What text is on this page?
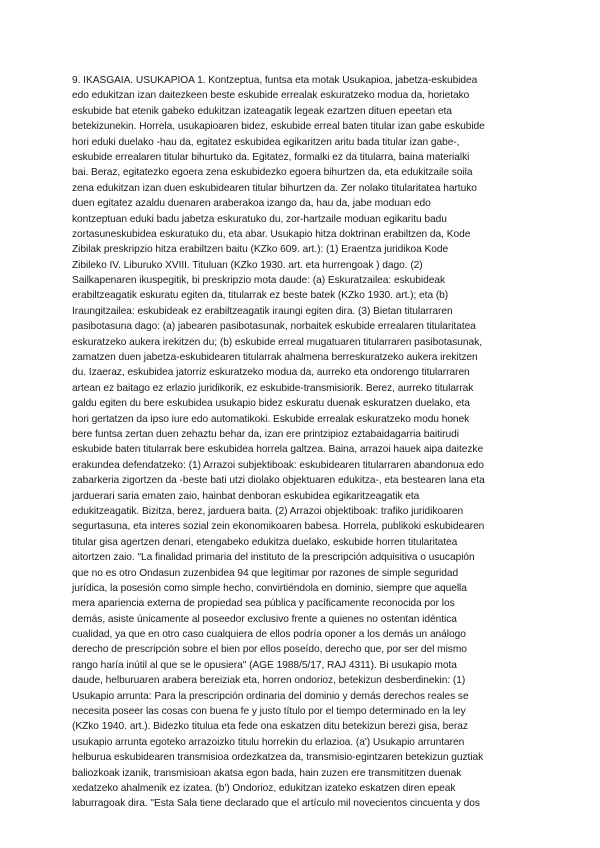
9. IKASGAIA. USUKAPIOA 1. Kontzeptua, funtsa eta motak Usukapioa, jabetza-eskubidea
edo edukitzan izan daitezkeen beste eskubide errealak eskuratzeko modua da, horietako
eskubide bat etenik gabeko edukitzan izateagatik legeak ezartzen dituen epeetan eta
betekizunekin. Horrela, usukapioaren bidez, eskubide erreal baten titular izan gabe eskubide
hori eduki duelako -hau da, egitatez eskubidea egikaritzen aritu bada titular izan gabe-,
eskubide errealaren titular bihurtuko da. Egitatez, formalki ez da titularra, baina materialki
bai. Beraz, egitatezko egoera zena eskubidezko egoera bihurtzen da, eta edukitzaile soila
zena edukitzan izan duen eskubidearen titular bihurtzen da. Zer nolako titularitatea hartuko
duen egitatez azaldu duenaren araberakoa izango da, hau da, jabe moduan edo
kontzeptuan eduki badu jabetza eskuratuko du, zor-hartzaile moduan egikaritu badu
zortasuneskubidea eskuratuko du, eta abar. Usukapio hitza doktrinan erabiltzen da, Kode
Zibilak preskripzio hitza erabiltzen baitu (KZko 609. art.): (1) Eraentza juridikoa Kode
Zibileko IV. Liburuko XVIII. Tituluan (KZko 1930. art. eta hurrengoak ) dago. (2)
Sailkapenaren ikuspegitik, bi preskripzio mota daude: (a) Eskuratzailea: eskubideak
erabiltzeagatik eskuratu egiten da, titularrak ez beste batek (KZko 1930. art.); eta (b)
Iraungitzailea: eskubideak ez erabiltzeagatik iraungi egiten dira. (3) Bietan titularraren
pasibotasuna dago: (a) jabearen pasibotasunak, norbaitek eskubide errealaren titularitatea
eskuratzeko aukera irekitzen du; (b) eskubide erreal mugatuaren titularraren pasibotasunak,
zamatzen duen jabetza-eskubidearen titularrak ahalmena berreskuratzeko aukera irekitzen
du. Izaeraz, eskubidea jatorriz eskuratzeko modua da, aurreko eta ondorengo titularraren
artean ez baitago ez erlazio juridikorik, ez eskubide-transmisiorik. Berez, aurreko titularrak
galdu egiten du bere eskubidea usukapio bidez eskuratu duenak eskuratzen duelako, eta
hori gertatzen da ipso iure edo automatikoki. Eskubide errealak eskuratzeko modu honek
bere funtsa zertan duen zehaztu behar da, izan ere printzipioz eztabaidagarria baitirudi
eskubide baten titularrak bere eskubidea horrela galtzea. Baina, arrazoi hauek aipa daitezke
erakundea defendatzeko: (1) Arrazoi subjektiboak: eskubidearen titularraren abandonua edo
zabarkeria zigortzen da -beste bati utzi diolako objektuaren edukitza-, eta bestearen lana eta
jarduerari saria ematen zaio, hainbat denboran eskubidea egikaritzeagatik eta
edukitzeagatik. Bizitza, berez, jarduera baita. (2) Arrazoi objektiboak: trafiko juridikoaren
segurtasuna, eta interes sozial zein ekonomikoaren babesa. Horrela, publikoki eskubidearen
titular gisa agertzen denari, etengabeko edukitza duelako, eskubide horren titularitatea
aitortzen zaio. "La finalidad primaria del instituto de la prescripción adquisitiva o usucapión
que no es otro Ondasun zuzenbidea 94 que legitimar por razones de simple seguridad
jurídica, la posesión como simple hecho, convirtiéndola en dominio, siempre que aquella
mera apariencia externa de propiedad sea pública y pacíficamente reconocida por los
demás, asiste únicamente al poseedor exclusivo frente a quienes no ostentan idéntica
cualidad, ya que en otro caso cualquiera de ellos podría oponer a los demás un análogo
derecho de prescripción sobre el bien por ellos poseído, derecho que, por ser del mismo
rango haría inútil al que se le opusiera" (AGE 1988/5/17, RAJ 4311). Bi usukapio mota
daude, helburuaren arabera bereiziak eta, horren ondorioz, betekizun desberdinekin: (1)
Usukapio arrunta: Para la prescripción ordinaria del dominio y demás derechos reales se
necesita poseer las cosas con buena fe y justo título por el tiempo determinado en la ley
(KZko 1940. art.). Bidezko titulua eta fede ona eskatzen ditu betekizun berezi gisa, beraz
usukapio arrunta egoteko arrazoizko titulu horrekin du erlazioa. (a') Usukapio arruntaren
helburua eskubidearen transmisioa ordezkatzea da, transmisio-egintzaren betekizun guztiak
baliozkoak izanik, transmisioan akatsa egon bada, hain zuzen ere transmititzen duenak
xedatzeko ahalmenik ez izatea. (b') Ondorioz, edukitzan izateko eskatzen diren epeak
laburragoak dira. "Esta Sala tiene declarado que el artículo mil novecientos cincuenta y dos
